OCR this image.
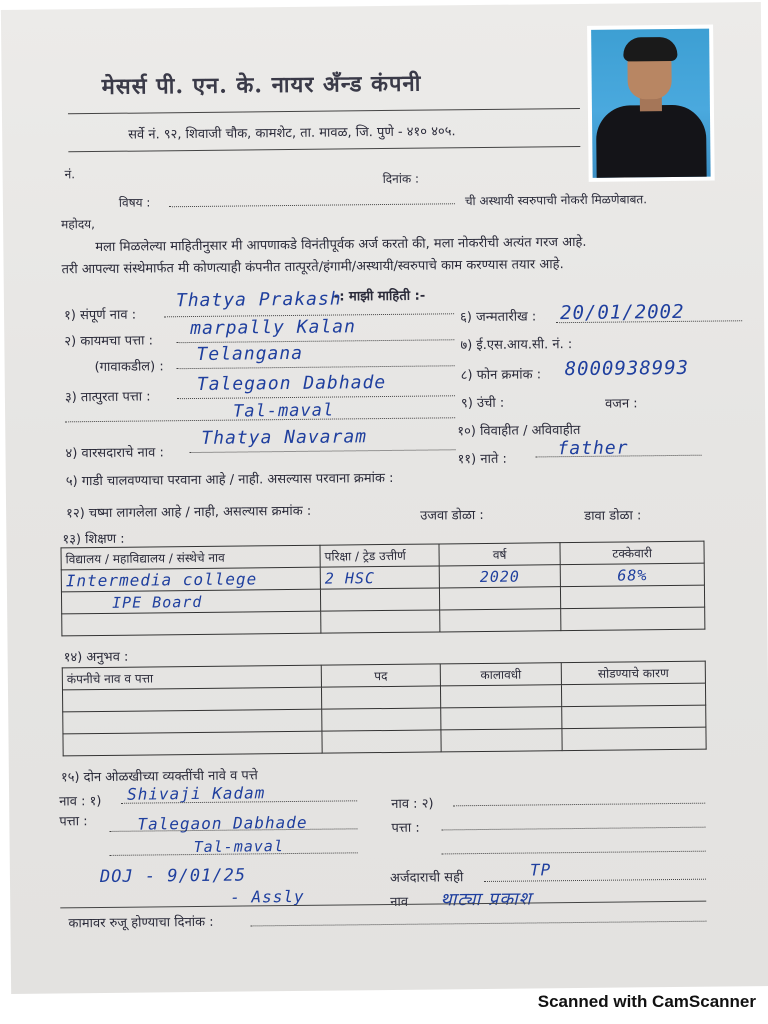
मेसर्स पी. एन. के. नायर अँन्ड कंपनी
सर्वे नं. ९२, शिवाजी चौक, कामशेट, ता. मावळ, जि. पुणे - ४१० ४०५.
नं.	दिनांक :
विषय :	ची अस्थायी स्वरुपाची नोकरी मिळणेबाबत.
महोदय,
मला मिळलेल्या माहितीनुसार मी आपणाकडे विनंतीपूर्वक अर्ज करतो की, मला नोकरीची अत्यंत गरज आहे.
तरी आपल्या संस्थेमार्फत मी कोणत्याही कंपनीत तात्पूरते/हंगामी/अस्थायी/स्वरुपाचे काम करण्यास तयार आहे.
-: माझी माहिती :-
१) संपूर्ण नाव :
Thatya Prakash
२) कायमचा पत्ता :
marpally Kalan
(गावाकडील) :
Telangana
३) तात्पुरता पत्ता :
Talegaon Dabhade
Tal-maval
४) वारसदाराचे नाव :
Thatya Navaram
५) गाडी चालवण्याचा परवाना आहे / नाही. असल्यास परवाना क्रमांक :
६) जन्मतारीख : 20/01/2002
७) ई.एस.आय.सी. नं. :
८) फोन क्रमांक : 8000938993
९) उंची :	वजन :
१०) विवाहीत / अविवाहीत
११) नाते :
father
१२) चष्मा लागलेला आहे / नाही, असल्यास क्रमांक :	उजवा डोळा :	डावा डोळा :
१३) शिक्षण :
विद्यालय / महाविद्यालय / संस्थेचे नाव	परिक्षा / ट्रेड उत्तीर्ण	वर्ष	टक्केवारी
Intermedia college	2 HSC	2020	68%
IPE Board			

१४) अनुभव :
कंपनीचे नाव व पत्ता	पद	कालावधी	सोडण्याचे कारण

१५) दोन ओळखीच्या व्यक्तींची नावे व पत्ते
नाव : १) Shivaji Kadam
पत्ता :	Talegaon Dabhade
Tal-maval
DOJ - 9/01/25
- Assly
नाव : २)
पत्ता :
अर्जदाराची सही	TP
नाव थाट्या प्रकाश
कामावर रुजू होण्याचा दिनांक :
Scanned with CamScanner
